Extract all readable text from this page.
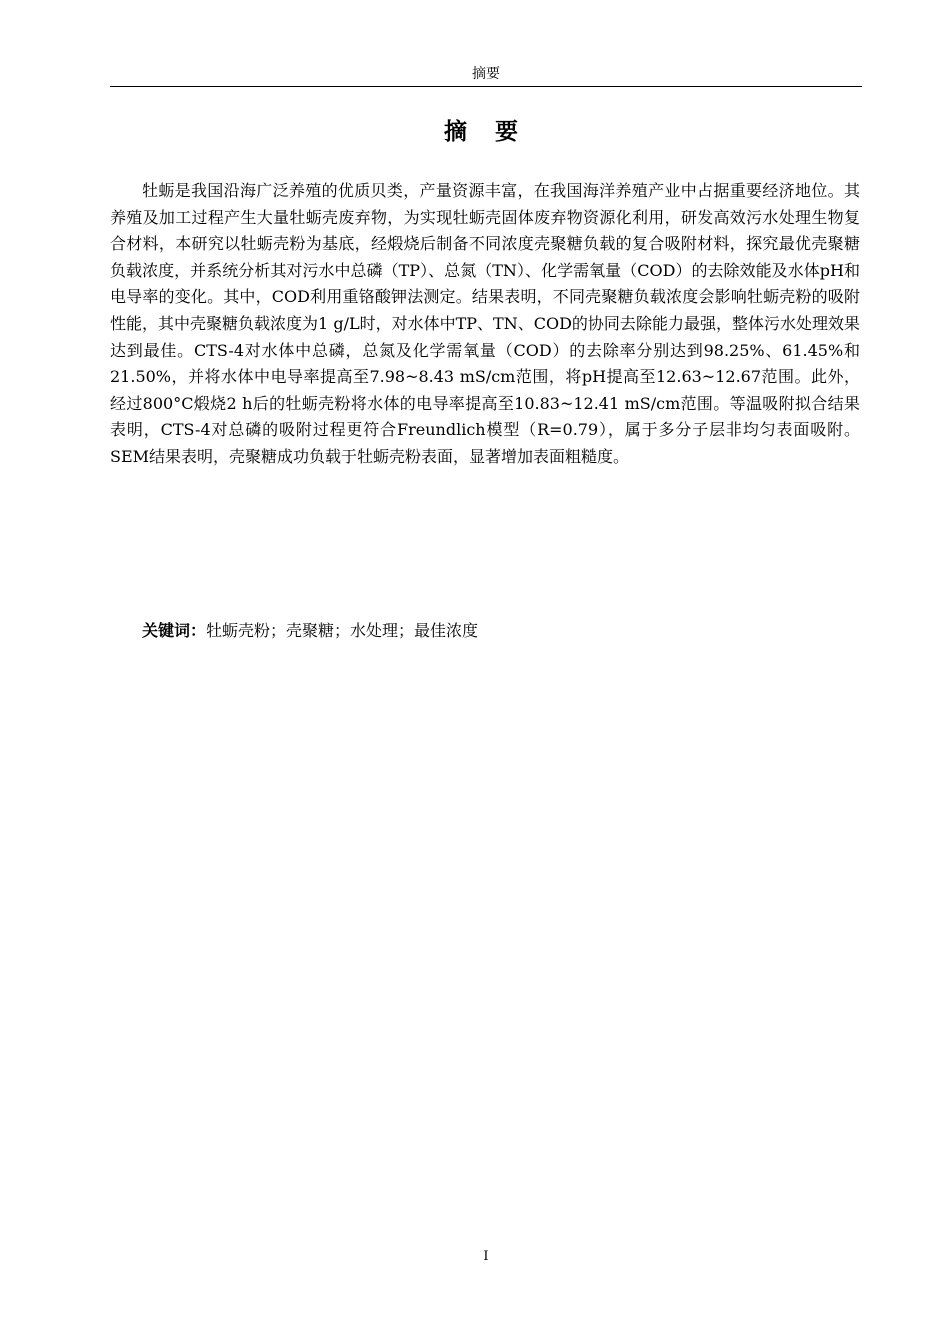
摘要
摘 要

牡蛎是我国沿海广泛养殖的优质贝类，产量资源丰富，在我国海洋养殖产业中占据重要经济地位。其养殖及加工过程产生大量牡蛎壳废弃物，为实现牡蛎壳固体废弃物资源化利用，研发高效污水处理生物复合材料，本研究以牡蛎壳粉为基底，经煅烧后制备不同浓度壳聚糖负载的复合吸附材料，探究最优壳聚糖负载浓度，并系统分析其对污水中总磷（TP）、总氮（TN）、化学需氧量（COD）的去除效能及水体pH和电导率的变化。其中，COD利用重铬酸钾法测定。结果表明，不同壳聚糖负载浓度会影响牡蛎壳粉的吸附性能，其中壳聚糖负载浓度为1 g/L时，对水体中TP、TN、COD的协同去除能力最强，整体污水处理效果达到最佳。CTS-4对水体中总磷，总氮及化学需氧量（COD）的去除率分别达到98.25%、61.45%和21.50%，并将水体中电导率提高至7.98~8.43 mS/cm范围，将pH提高至12.63~12.67范围。此外，经过800°C煅烧2 h后的牡蛎壳粉将水体的电导率提高至10.83~12.41 mS/cm范围。等温吸附拟合结果表明，CTS-4对总磷的吸附过程更符合Freundlich模型（R=0.79），属于多分子层非均匀表面吸附。SEM结果表明，壳聚糖成功负载于牡蛎壳粉表面，显著增加表面粗糙度。

关键词：牡蛎壳粉；壳聚糖；水处理；最佳浓度
I
